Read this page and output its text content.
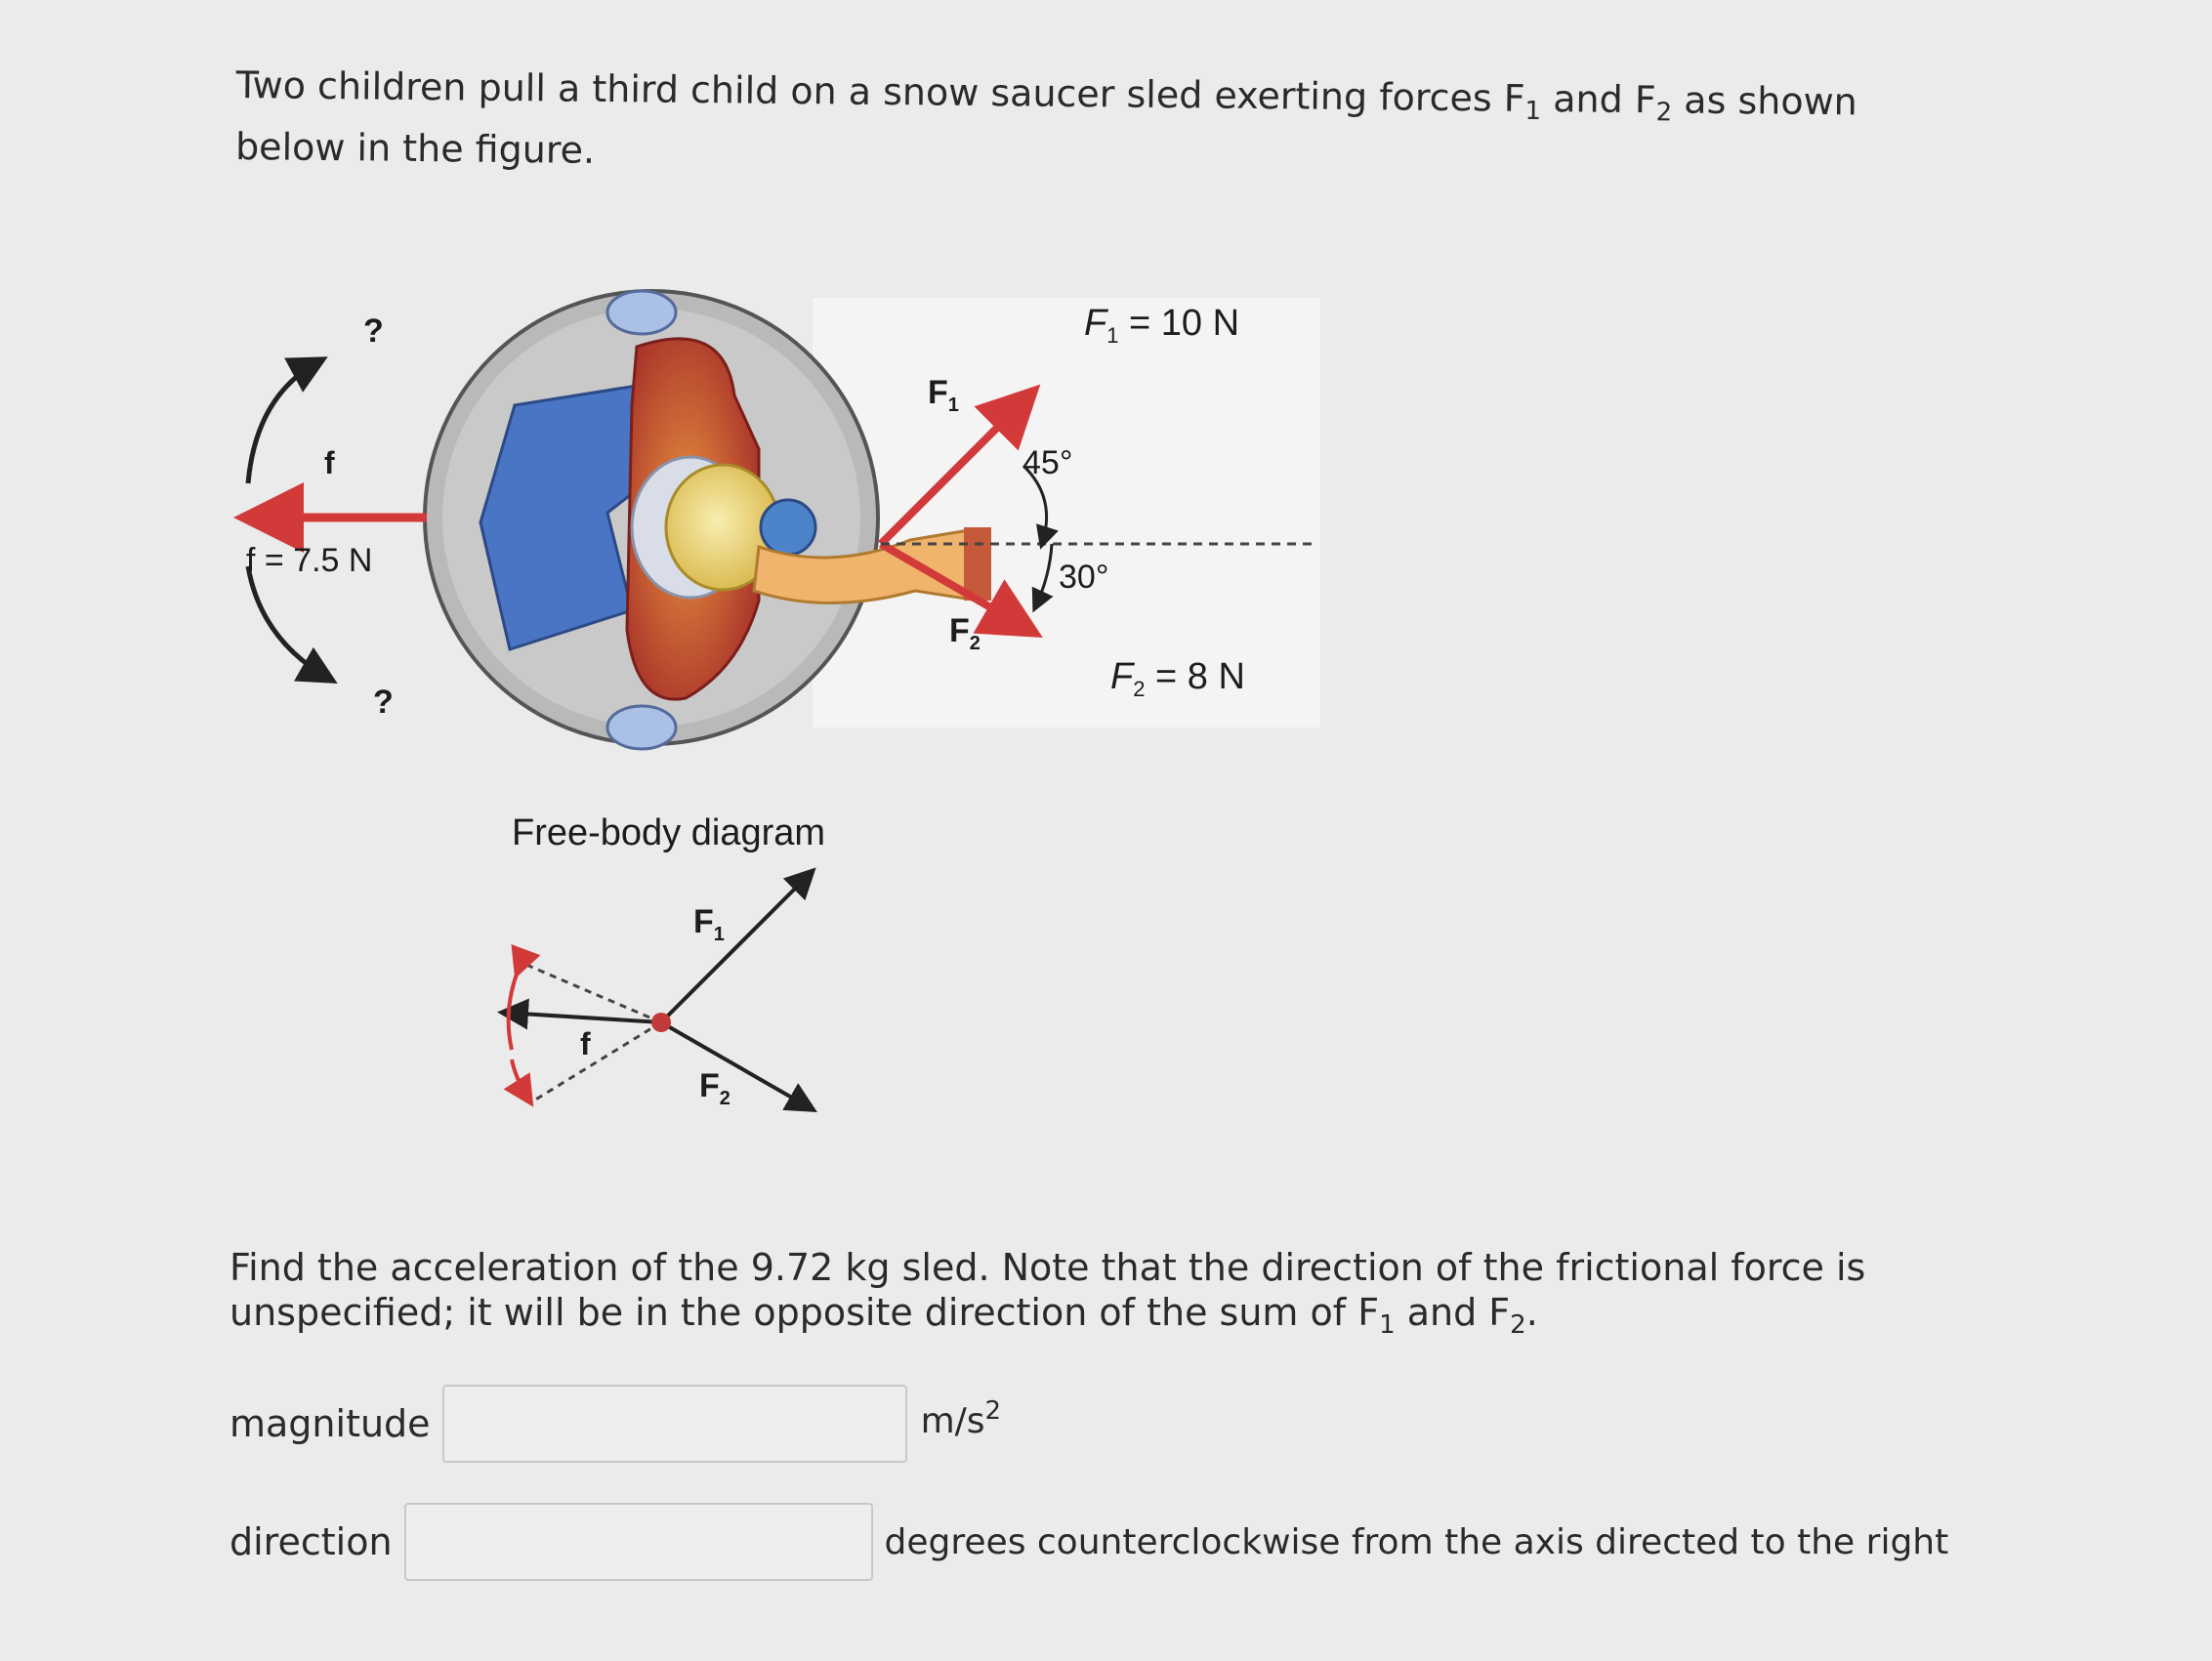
Two children pull a third child on a snow saucer sled exerting forces $F_1$ and $F_2$ as shown below in the figure.

?
?
f
f = 7.5 N
45°
30°
$F_1$
$F_2$
$F_1 = 10$ N
$F_2 = 8$ N
Free-body diagram
$F_1$
$F_2$
f

Find the acceleration of the 9.72 kg sled. Note that the direction of the frictional force is unspecified; it will be in the opposite direction of the sum of $F_1$ and $F_2$.

magnitude	$m/s^2$
direction	degrees counterclockwise from the axis directed to the right
